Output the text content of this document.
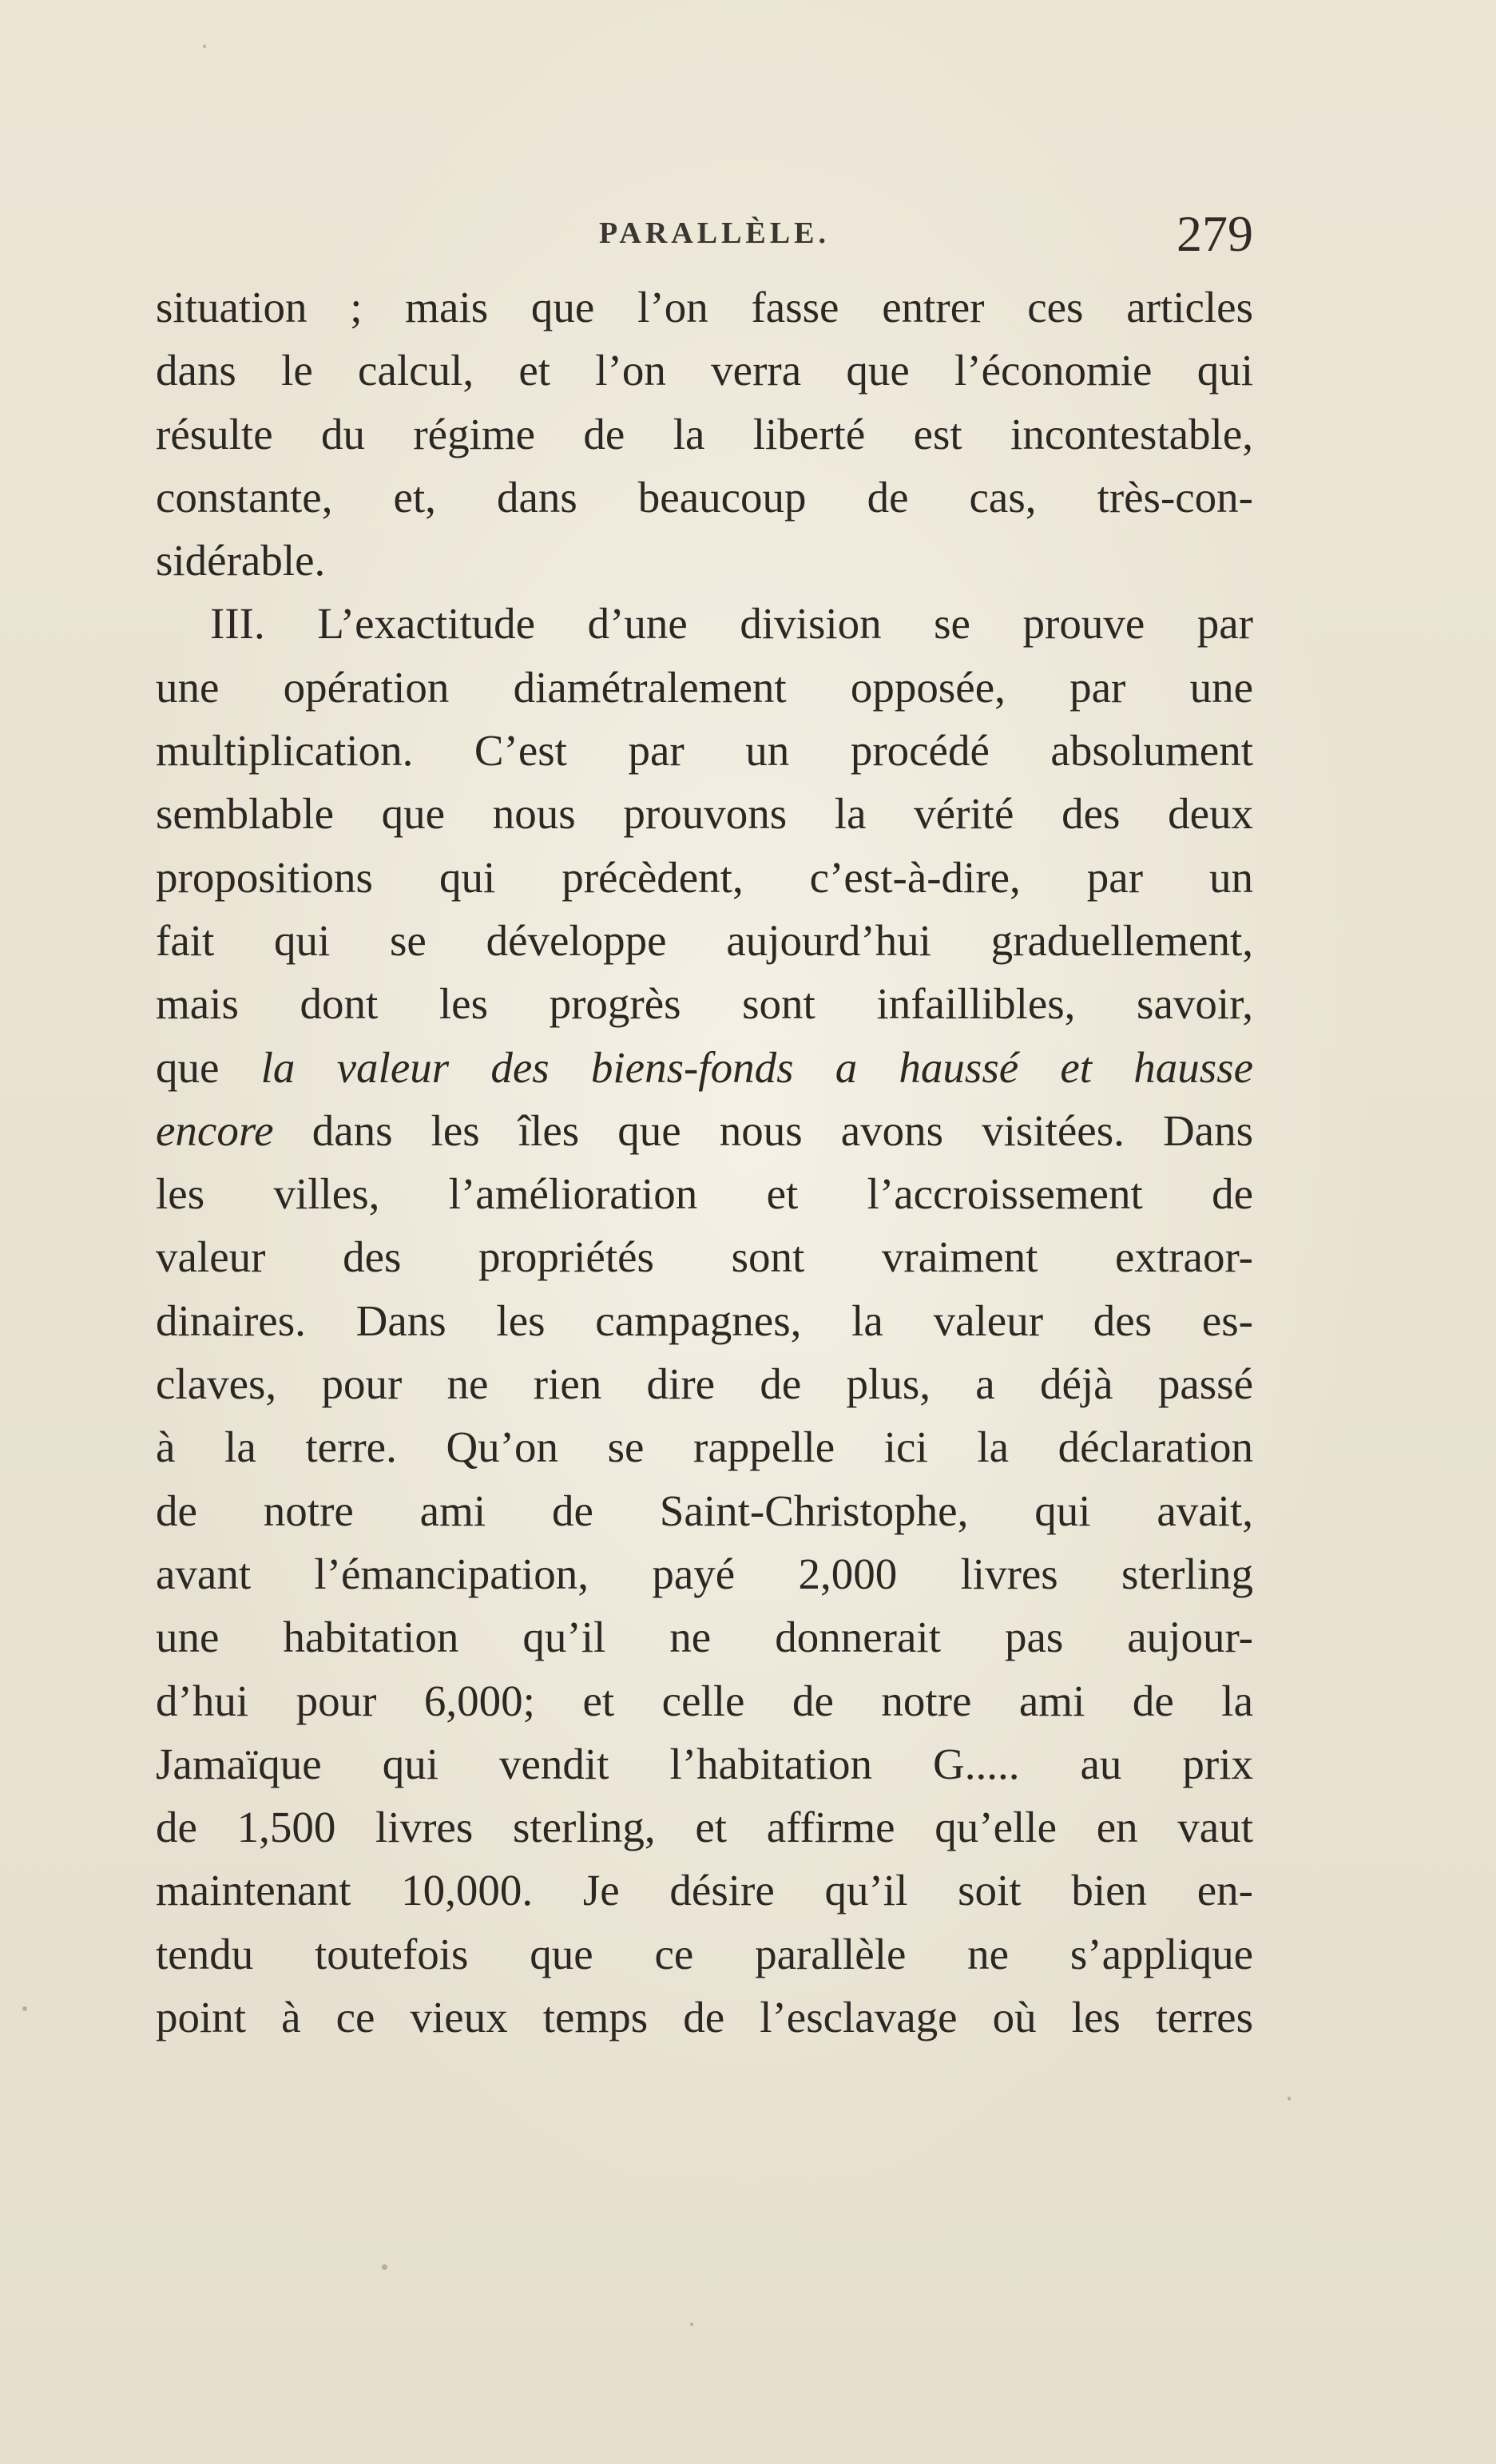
PARALLÈLE.	279
situation ; mais que l’on fasse entrer ces articles
dans le calcul, et l’on verra que l’économie qui
résulte du régime de la liberté est incontestable,
constante, et, dans beaucoup de cas, très-con-
sidérable.
III. L’exactitude d’une division se prouve par
une opération diamétralement opposée, par une
multiplication. C’est par un procédé absolument
semblable que nous prouvons la vérité des deux
propositions qui précèdent, c’est-à-dire, par un
fait qui se développe aujourd’hui graduellement,
mais dont les progrès sont infaillibles, savoir,
que la valeur des biens-fonds a haussé et hausse
encore dans les îles que nous avons visitées. Dans
les villes, l’amélioration et l’accroissement de
valeur des propriétés sont vraiment extraor-
dinaires. Dans les campagnes, la valeur des es-
claves, pour ne rien dire de plus, a déjà passé
à la terre. Qu’on se rappelle ici la déclaration
de notre ami de Saint-Christophe, qui avait,
avant l’émancipation, payé 2,000 livres sterling
une habitation qu’il ne donnerait pas aujour-
d’hui pour 6,000; et celle de notre ami de la
Jamaïque qui vendit l’habitation G..... au prix
de 1,500 livres sterling, et affirme qu’elle en vaut
maintenant 10,000. Je désire qu’il soit bien en-
tendu toutefois que ce parallèle ne s’applique
point à ce vieux temps de l’esclavage où les terres
